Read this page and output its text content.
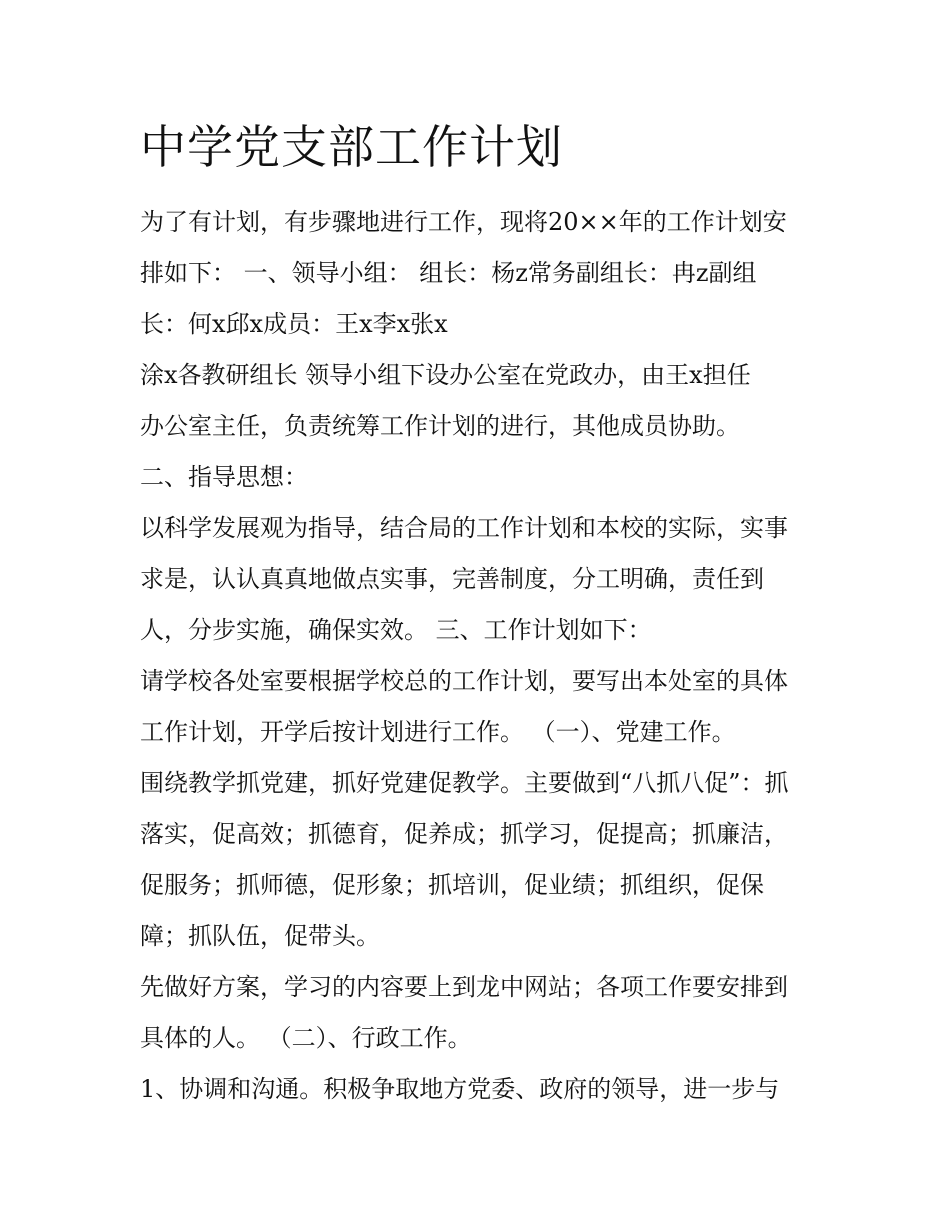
中学党支部工作计划

为了有计划，有步骤地进行工作，现将20××年的工作计划安

排如下： 一、领导小组： 组长：杨z常务副组长：冉z副组

长：何x邱x成员：王x李x张x

涂x各教研组长 领导小组下设办公室在党政办，由王x担任

办公室主任，负责统筹工作计划的进行，其他成员协助。

二、指导思想：

以科学发展观为指导，结合局的工作计划和本校的实际，实事

求是，认认真真地做点实事，完善制度，分工明确，责任到

人，分步实施，确保实效。 三、工作计划如下：

请学校各处室要根据学校总的工作计划，要写出本处室的具体

工作计划，开学后按计划进行工作。 （一）、党建工作。

围绕教学抓党建，抓好党建促教学。主要做到“八抓八促”：抓

落实，促高效；抓德育，促养成；抓学习，促提高；抓廉洁，

促服务；抓师德，促形象；抓培训，促业绩；抓组织，促保

障；抓队伍，促带头。

先做好方案，学习的内容要上到龙中网站；各项工作要安排到

具体的人。 （二）、行政工作。

1、协调和沟通。积极争取地方党委、政府的领导，进一步与
